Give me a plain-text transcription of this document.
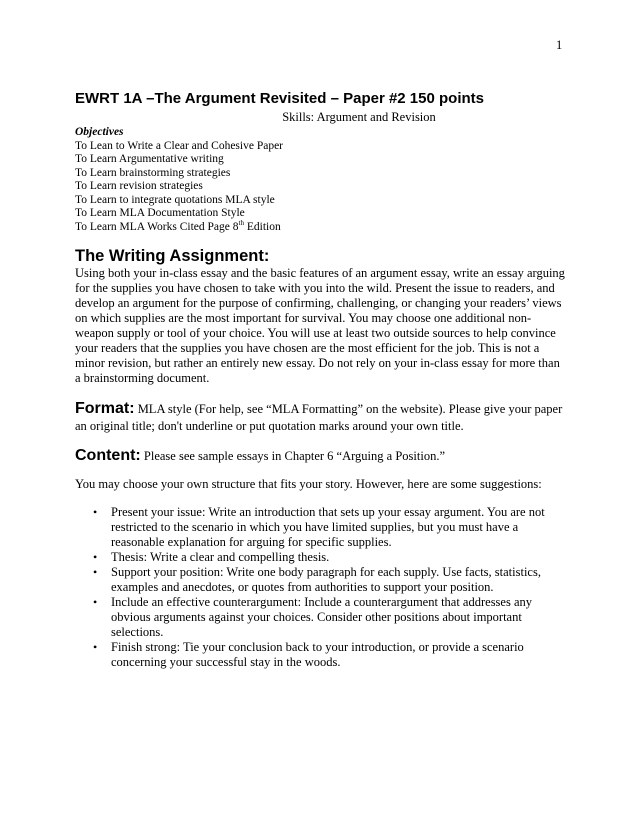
1
EWRT 1A –The Argument Revisited – Paper #2 150 points
Skills: Argument and Revision
Objectives
To Lean to Write a Clear and Cohesive Paper
To Learn Argumentative writing
To Learn brainstorming strategies
To Learn revision strategies
To Learn to integrate quotations MLA style
To Learn MLA Documentation Style
To Learn MLA Works Cited Page 8th Edition
The Writing Assignment:

Using both your in-class essay and the basic features of an argument essay, write an essay arguing for the supplies you have chosen to take with you into the wild. Present the issue to readers, and develop an argument for the purpose of confirming, challenging, or changing your readers’ views on which supplies are the most important for survival. You may choose one additional non-weapon supply or tool of your choice. You will use at least two outside sources to help convince your readers that the supplies you have chosen are the most efficient for the job. This is not a minor revision, but rather an entirely new essay. Do not rely on your in-class essay for more than a brainstorming document.

Format: MLA style (For help, see “MLA Formatting” on the website). Please give your paper an original title; don't underline or put quotation marks around your own title.
Content: Please see sample essays in Chapter 6 “Arguing a Position.”

You may choose your own structure that fits your story. However, here are some suggestions:

• Present your issue: Write an introduction that sets up your essay argument. You are not restricted to the scenario in which you have limited supplies, but you must have a reasonable explanation for arguing for specific supplies.
• Thesis: Write a clear and compelling thesis.
• Support your position: Write one body paragraph for each supply. Use facts, statistics, examples and anecdotes, or quotes from authorities to support your position.
• Include an effective counterargument: Include a counterargument that addresses any obvious arguments against your choices. Consider other positions about important selections.
• Finish strong: Tie your conclusion back to your introduction, or provide a scenario concerning your successful stay in the woods.
